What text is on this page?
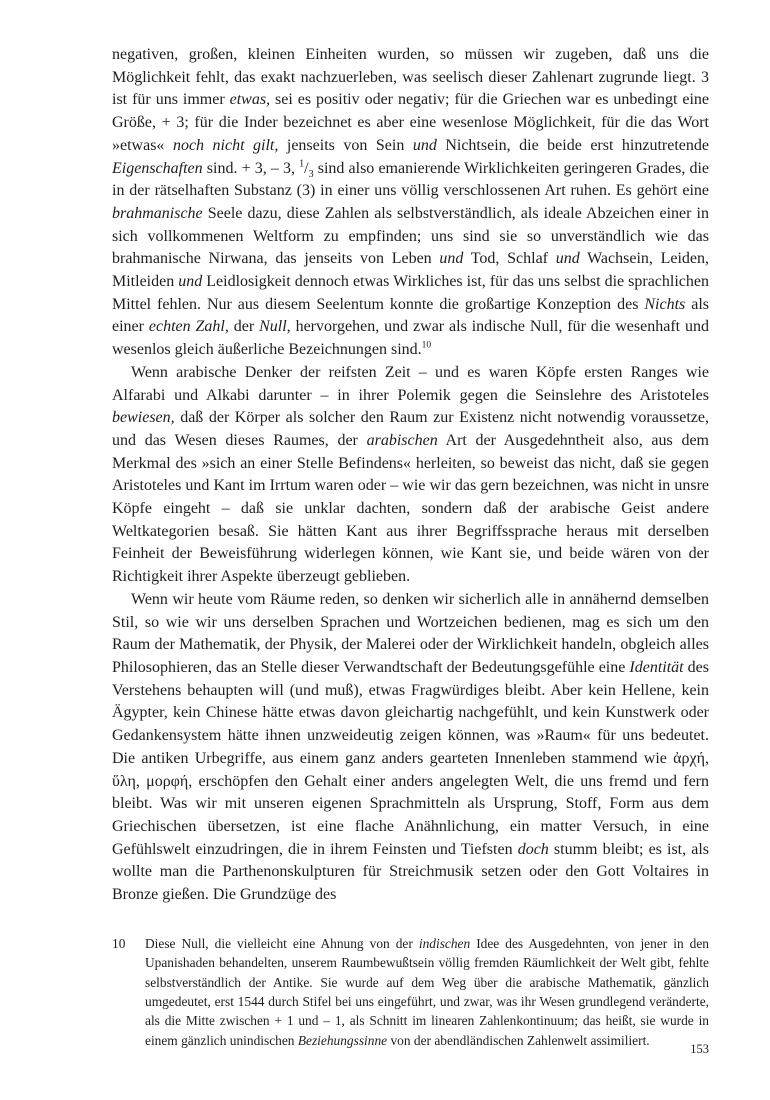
negativen, großen, kleinen Einheiten wurden, so müssen wir zugeben, daß uns die Möglichkeit fehlt, das exakt nachzuerleben, was seelisch dieser Zahlenart zugrunde liegt. 3 ist für uns immer etwas, sei es positiv oder negativ; für die Griechen war es unbedingt eine Größe, + 3; für die Inder bezeichnet es aber eine wesenlose Möglichkeit, für die das Wort »etwas« noch nicht gilt, jenseits von Sein und Nichtsein, die beide erst hinzutretende Eigenschaften sind. + 3, – 3, $^1/_3$ sind also emanierende Wirklichkeiten geringeren Grades, die in der rätselhaften Substanz (3) in einer uns völlig verschlossenen Art ruhen. Es gehört eine brahmanische Seele dazu, diese Zahlen als selbstverständlich, als ideale Abzeichen einer in sich vollkommenen Weltform zu empfinden; uns sind sie so unverständlich wie das brahmanische Nirwana, das jenseits von Leben und Tod, Schlaf und Wachsein, Leiden, Mitleiden und Leidlosigkeit dennoch etwas Wirkliches ist, für das uns selbst die sprachlichen Mittel fehlen. Nur aus diesem Seelentum konnte die großartige Konzeption des Nichts als einer echten Zahl, der Null, hervorgehen, und zwar als indische Null, für die wesenhaft und wesenlos gleich äußerliche Bezeichnungen sind.$^{10}$

Wenn arabische Denker der reifsten Zeit – und es waren Köpfe ersten Ranges wie Alfarabi und Alkabi darunter – in ihrer Polemik gegen die Seinslehre des Aristoteles bewiesen, daß der Körper als solcher den Raum zur Existenz nicht notwendig voraussetze, und das Wesen dieses Raumes, der arabischen Art der Ausgedehntheit also, aus dem Merkmal des »sich an einer Stelle Befindens« herleiten, so beweist das nicht, daß sie gegen Aristoteles und Kant im Irrtum waren oder – wie wir das gern bezeichnen, was nicht in unsre Köpfe eingeht – daß sie unklar dachten, sondern daß der arabische Geist andere Weltkategorien besaß. Sie hätten Kant aus ihrer Begriffssprache heraus mit derselben Feinheit der Beweisführung widerlegen können, wie Kant sie, und beide wären von der Richtigkeit ihrer Aspekte überzeugt geblieben.

Wenn wir heute vom Räume reden, so denken wir sicherlich alle in annähernd demselben Stil, so wie wir uns derselben Sprachen und Wortzeichen bedienen, mag es sich um den Raum der Mathematik, der Physik, der Malerei oder der Wirklichkeit handeln, obgleich alles Philosophieren, das an Stelle dieser Verwandtschaft der Bedeutungsgefühle eine Identität des Verstehens behaupten will (und muß), etwas Fragwürdiges bleibt. Aber kein Hellene, kein Ägypter, kein Chinese hätte etwas davon gleichartig nachgefühlt, und kein Kunstwerk oder Gedankensystem hätte ihnen unzweideutig zeigen können, was »Raum« für uns bedeutet. Die antiken Urbegriffe, aus einem ganz anders gearteten Innenleben stammend wie ἀρχή, ὕλη, μορφή, erschöpfen den Gehalt einer anders angelegten Welt, die uns fremd und fern bleibt. Was wir mit unseren eigenen Sprachmitteln als Ursprung, Stoff, Form aus dem Griechischen übersetzen, ist eine flache Anähnlichung, ein matter Versuch, in eine Gefühlswelt einzudringen, die in ihrem Feinsten und Tiefsten doch stumm bleibt; es ist, als wollte man die Parthenonskulpturen für Streichmusik setzen oder den Gott Voltaires in Bronze gießen. Die Grundzüge des

10	Diese Null, die vielleicht eine Ahnung von der indischen Idee des Ausgedehnten, von jener in den Upanishaden behandelten, unserem Raumbewußtsein völlig fremden Räumlichkeit der Welt gibt, fehlte selbstverständlich der Antike. Sie wurde auf dem Weg über die arabische Mathematik, gänzlich umgedeutet, erst 1544 durch Stifel bei uns eingeführt, und zwar, was ihr Wesen grundlegend veränderte, als die Mitte zwischen + 1 und – 1, als Schnitt im linearen Zahlenkontinuum; das heißt, sie wurde in einem gänzlich unindischen Beziehungssinne von der abendländischen Zahlenwelt assimiliert.
153
